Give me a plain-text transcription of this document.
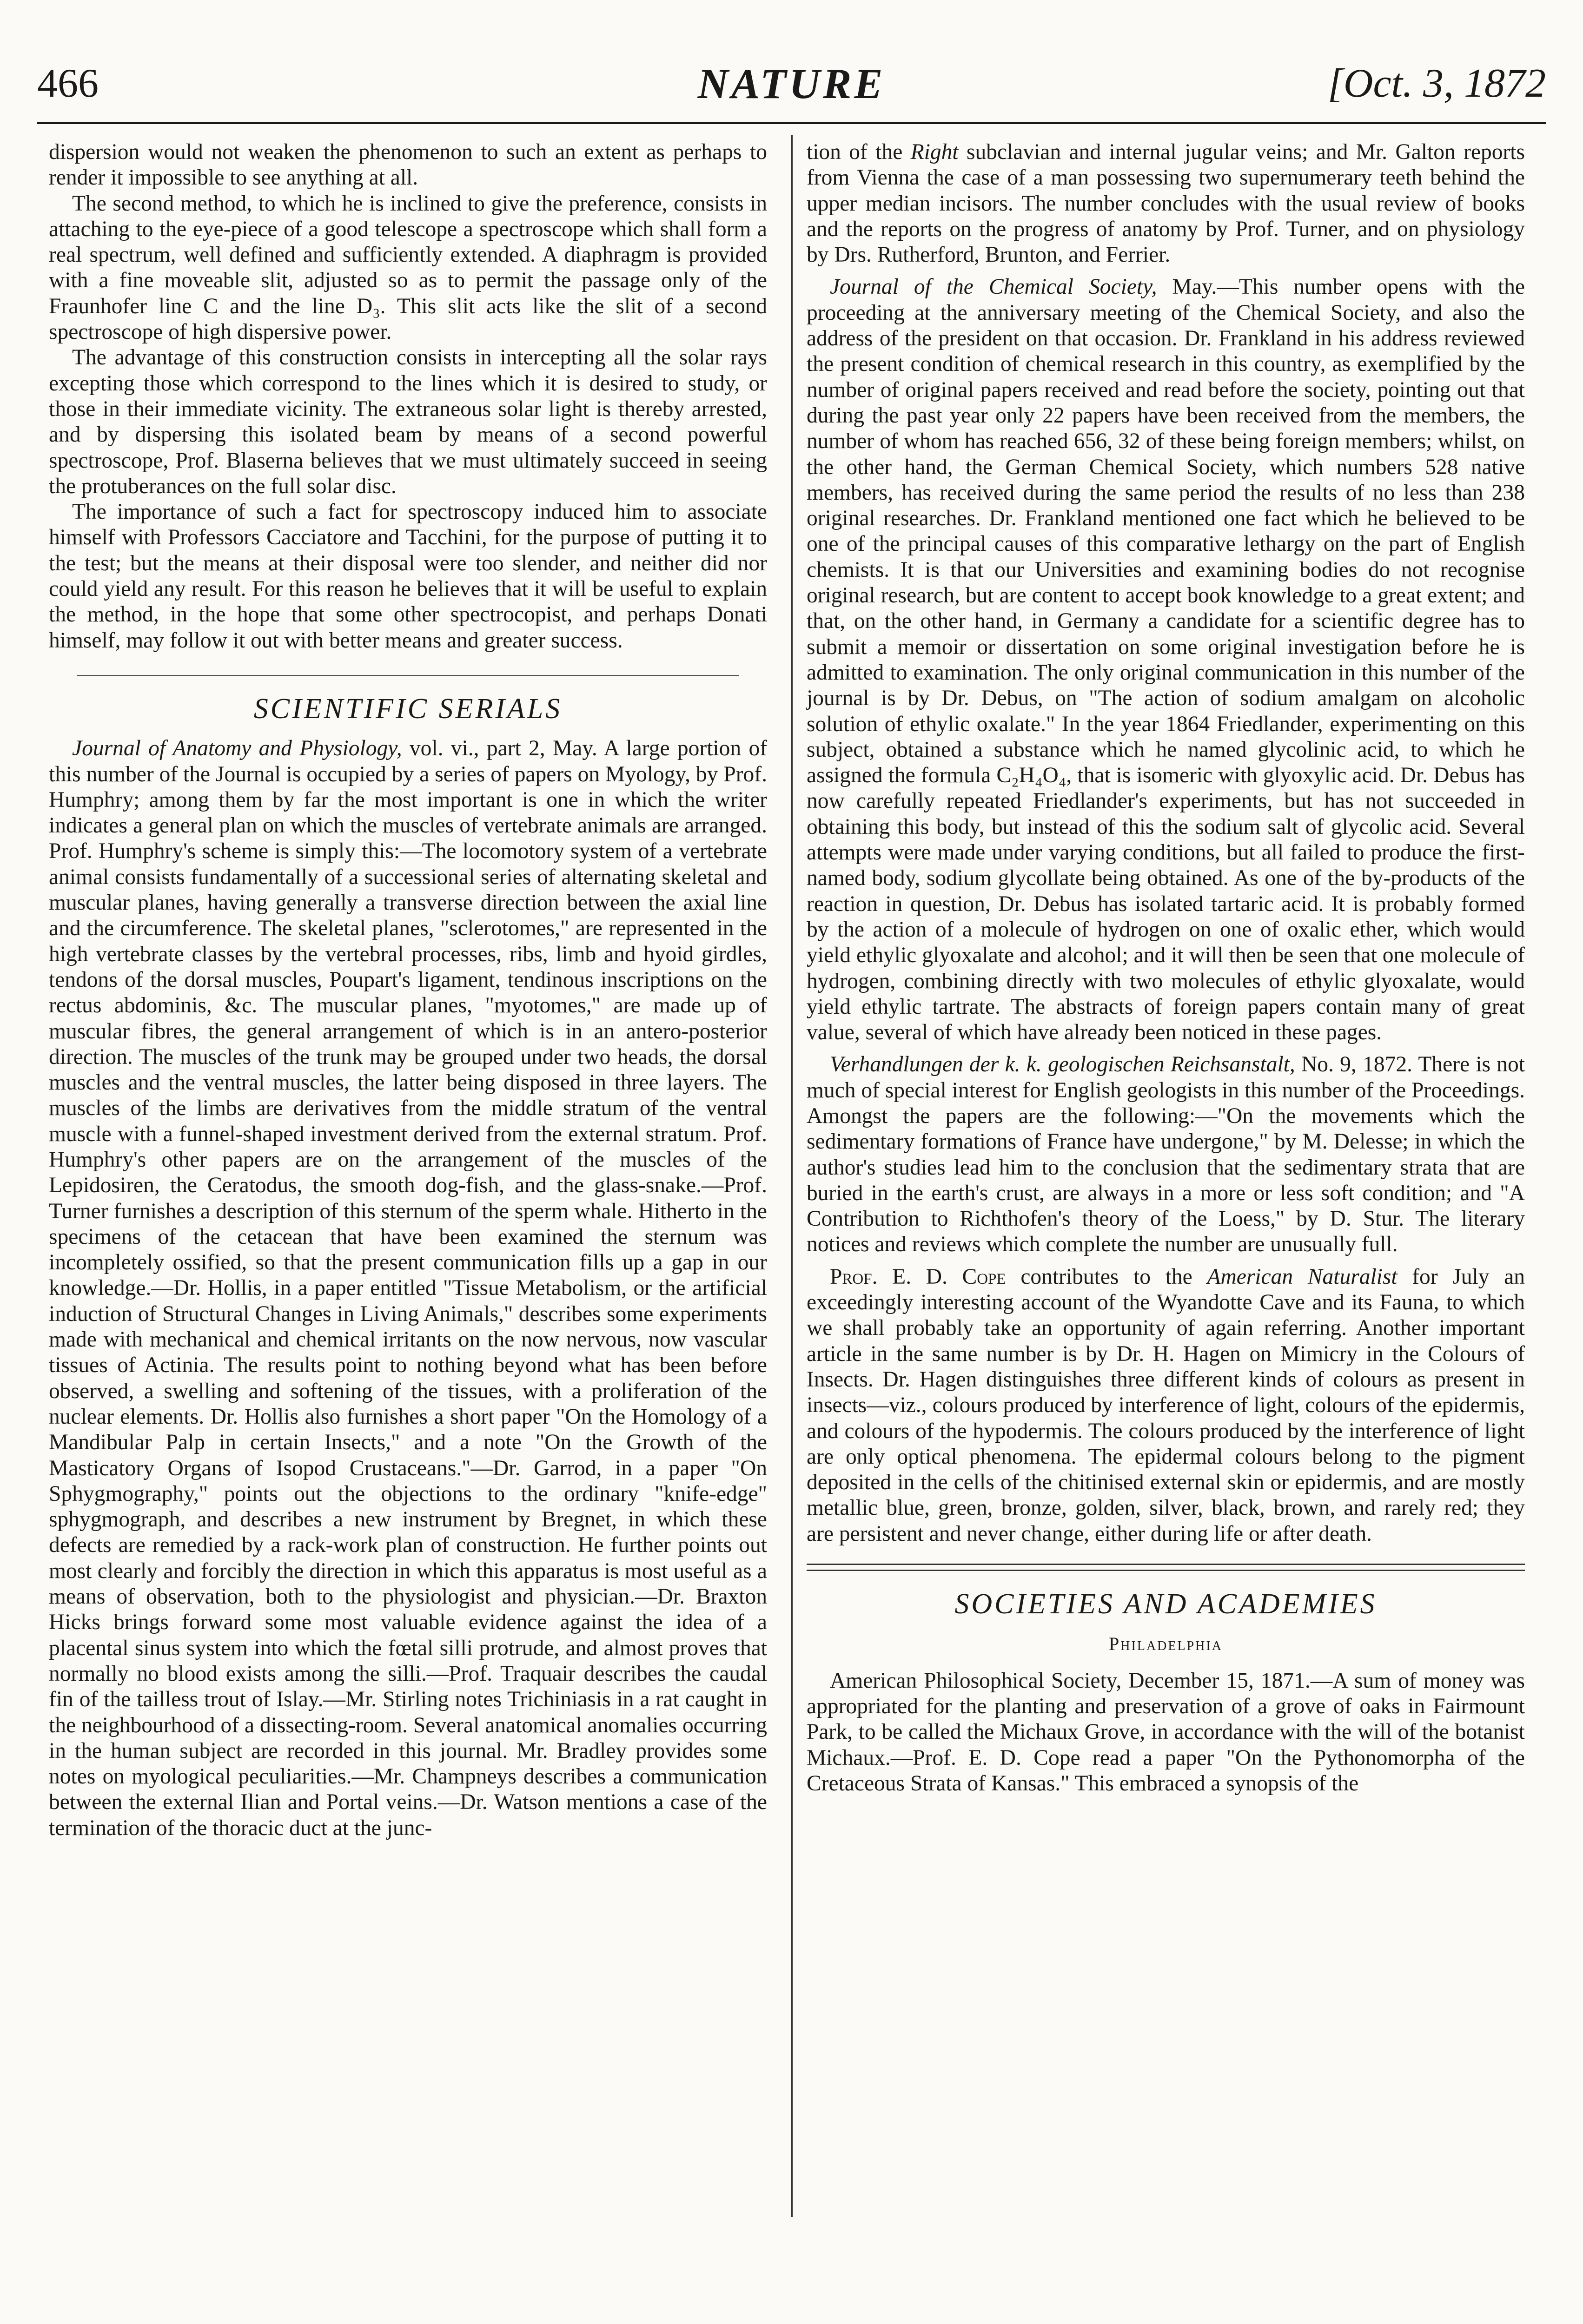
466	NATURE	[Oct. 3, 1872

dispersion would not weaken the phenomenon to such an extent as perhaps to render it impossible to see anything at all.

The second method, to which he is inclined to give the preference, consists in attaching to the eye-piece of a good telescope a spectroscope which shall form a real spectrum, well defined and sufficiently extended. A diaphragm is provided with a fine moveable slit, adjusted so as to permit the passage only of the Fraunhofer line C and the line D₃. This slit acts like the slit of a second spectroscope of high dispersive power.

The advantage of this construction consists in intercepting all the solar rays excepting those which correspond to the lines which it is desired to study, or those in their immediate vicinity. The extraneous solar light is thereby arrested, and by dispersing this isolated beam by means of a second powerful spectroscope, Prof. Blaserna believes that we must ultimately succeed in seeing the protuberances on the full solar disc.

The importance of such a fact for spectroscopy induced him to associate himself with Professors Cacciatore and Tacchini, for the purpose of putting it to the test; but the means at their disposal were too slender, and neither did nor could yield any result. For this reason he believes that it will be useful to explain the method, in the hope that some other spectrocopist, and perhaps Donati himself, may follow it out with better means and greater success.

SCIENTIFIC SERIALS

Journal of Anatomy and Physiology, vol. vi., part 2, May. A large portion of this number of the Journal is occupied by a series of papers on Myology, by Prof. Humphry; among them by far the most important is one in which the writer indicates a general plan on which the muscles of vertebrate animals are arranged. Prof. Humphry's scheme is simply this:—The locomotory system of a vertebrate animal consists fundamentally of a successional series of alternating skeletal and muscular planes, having generally a transverse direction between the axial line and the circumference. The skeletal planes, "sclerotomes," are represented in the high vertebrate classes by the vertebral processes, ribs, limb and hyoid girdles, tendons of the dorsal muscles, Poupart's ligament, tendinous inscriptions on the rectus abdominis, &c. The muscular planes, "myotomes," are made up of muscular fibres, the general arrangement of which is in an antero-posterior direction. The muscles of the trunk may be grouped under two heads, the dorsal muscles and the ventral muscles, the latter being disposed in three layers. The muscles of the limbs are derivatives from the middle stratum of the ventral muscle with a funnel-shaped investment derived from the external stratum. Prof. Humphry's other papers are on the arrangement of the muscles of the Lepidosiren, the Ceratodus, the smooth dog-fish, and the glass-snake.—Prof. Turner furnishes a description of this sternum of the sperm whale. Hitherto in the specimens of the cetacean that have been examined the sternum was incompletely ossified, so that the present communication fills up a gap in our knowledge.—Dr. Hollis, in a paper entitled "Tissue Metabolism, or the artificial induction of Structural Changes in Living Animals," describes some experiments made with mechanical and chemical irritants on the now nervous, now vascular tissues of Actinia. The results point to nothing beyond what has been before observed, a swelling and softening of the tissues, with a proliferation of the nuclear elements. Dr. Hollis also furnishes a short paper "On the Homology of a Mandibular Palp in certain Insects," and a note "On the Growth of the Masticatory Organs of Isopod Crustaceans."—Dr. Garrod, in a paper "On Sphygmography," points out the objections to the ordinary "knife-edge" sphygmograph, and describes a new instrument by Bregnet, in which these defects are remedied by a rack-work plan of construction. He further points out most clearly and forcibly the direction in which this apparatus is most useful as a means of observation, both to the physiologist and physician.—Dr. Braxton Hicks brings forward some most valuable evidence against the idea of a placental sinus system into which the fœtal silli protrude, and almost proves that normally no blood exists among the silli.—Prof. Traquair describes the caudal fin of the tailless trout of Islay.—Mr. Stirling notes Trichiniasis in a rat caught in the neighbourhood of a dissecting-room. Several anatomical anomalies occurring in the human subject are recorded in this journal. Mr. Bradley provides some notes on myological peculiarities.—Mr. Champneys describes a communication between the external Ilian and Portal veins.—Dr. Watson mentions a case of the termination of the thoracic duct at the junc-

tion of the Right subclavian and internal jugular veins; and Mr. Galton reports from Vienna the case of a man possessing two supernumerary teeth behind the upper median incisors. The number concludes with the usual review of books and the reports on the progress of anatomy by Prof. Turner, and on physiology by Drs. Rutherford, Brunton, and Ferrier.

Journal of the Chemical Society, May.—This number opens with the proceeding at the anniversary meeting of the Chemical Society, and also the address of the president on that occasion. Dr. Frankland in his address reviewed the present condition of chemical research in this country, as exemplified by the number of original papers received and read before the society, pointing out that during the past year only 22 papers have been received from the members, the number of whom has reached 656, 32 of these being foreign members; whilst, on the other hand, the German Chemical Society, which numbers 528 native members, has received during the same period the results of no less than 238 original researches. Dr. Frankland mentioned one fact which he believed to be one of the principal causes of this comparative lethargy on the part of English chemists. It is that our Universities and examining bodies do not recognise original research, but are content to accept book knowledge to a great extent; and that, on the other hand, in Germany a candidate for a scientific degree has to submit a memoir or dissertation on some original investigation before he is admitted to examination. The only original communication in this number of the journal is by Dr. Debus, on "The action of sodium amalgam on alcoholic solution of ethylic oxalate." In the year 1864 Friedlander, experimenting on this subject, obtained a substance which he named glycolinic acid, to which he assigned the formula C₂H₄O₄, that is isomeric with glyoxylic acid. Dr. Debus has now carefully repeated Friedlander's experiments, but has not succeeded in obtaining this body, but instead of this the sodium salt of glycolic acid. Several attempts were made under varying conditions, but all failed to produce the first-named body, sodium glycollate being obtained. As one of the by-products of the reaction in question, Dr. Debus has isolated tartaric acid. It is probably formed by the action of a molecule of hydrogen on one of oxalic ether, which would yield ethylic glyoxalate and alcohol; and it will then be seen that one molecule of hydrogen, combining directly with two molecules of ethylic glyoxalate, would yield ethylic tartrate. The abstracts of foreign papers contain many of great value, several of which have already been noticed in these pages.

Verhandlungen der k. k. geologischen Reichsanstalt, No. 9, 1872. There is not much of special interest for English geologists in this number of the Proceedings. Amongst the papers are the following:—"On the movements which the sedimentary formations of France have undergone," by M. Delesse; in which the author's studies lead him to the conclusion that the sedimentary strata that are buried in the earth's crust, are always in a more or less soft condition; and "A Contribution to Richthofen's theory of the Loess," by D. Stur. The literary notices and reviews which complete the number are unusually full.

Prof. E. D. Cope contributes to the American Naturalist for July an exceedingly interesting account of the Wyandotte Cave and its Fauna, to which we shall probably take an opportunity of again referring. Another important article in the same number is by Dr. H. Hagen on Mimicry in the Colours of Insects. Dr. Hagen distinguishes three different kinds of colours as present in insects—viz., colours produced by interference of light, colours of the epidermis, and colours of the hypodermis. The colours produced by the interference of light are only optical phenomena. The epidermal colours belong to the pigment deposited in the cells of the chitinised external skin or epidermis, and are mostly metallic blue, green, bronze, golden, silver, black, brown, and rarely red; they are persistent and never change, either during life or after death.

SOCIETIES AND ACADEMIES
Philadelphia

American Philosophical Society, December 15, 1871.—A sum of money was appropriated for the planting and preservation of a grove of oaks in Fairmount Park, to be called the Michaux Grove, in accordance with the will of the botanist Michaux.—Prof. E. D. Cope read a paper "On the Pythonomorpha of the Cretaceous Strata of Kansas." This embraced a synopsis of the
